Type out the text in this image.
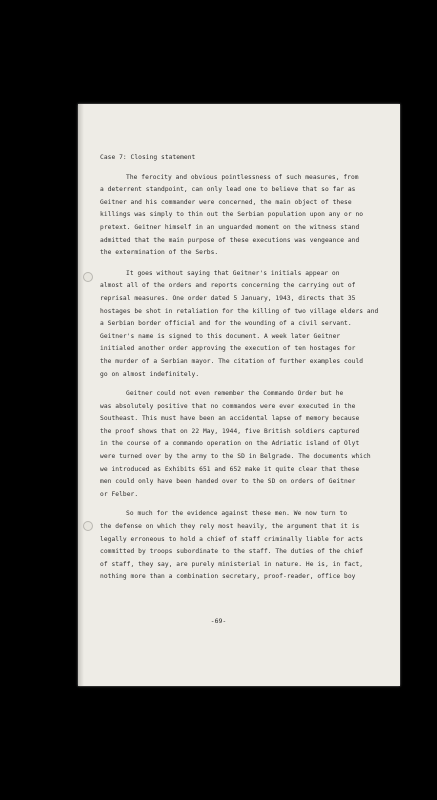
Case 7: Closing statement
The ferocity and obvious pointlessness of such measures, from
a deterrent standpoint, can only lead one to believe that so far as
Geitner and his commander were concerned, the main object of these
killings was simply to thin out the Serbian population upon any or no
pretext. Geitner himself in an unguarded moment on the witness stand
admitted that the main purpose of these executions was vengeance and
the extermination of the Serbs.
It goes without saying that Geitner's initials appear on
almost all of the orders and reports concerning the carrying out of
reprisal measures. One order dated 5 January, 1943, directs that 35
hostages be shot in retaliation for the killing of two village elders and
a Serbian border official and for the wounding of a civil servant.
Geitner's name is signed to this document. A week later Geitner
initialed another order approving the execution of ten hostages for
the murder of a Serbian mayor. The citation of further examples could
go on almost indefinitely.
Geitner could not even remember the Commando Order but he
was absolutely positive that no commandos were ever executed in the
Southeast. This must have been an accidental lapse of memory because
the proof shows that on 22 May, 1944, five British soldiers captured
in the course of a commando operation on the Adriatic island of Olyt
were turned over by the army to the SD in Belgrade. The documents which
we introduced as Exhibits 651 and 652 make it quite clear that these
men could only have been handed over to the SD on orders of Geitner
or Felber.
So much for the evidence against these men. We now turn to
the defense on which they rely most heavily, the argument that it is
legally erroneous to hold a chief of staff criminally liable for acts
committed by troops subordinate to the staff. The duties of the chief
of staff, they say, are purely ministerial in nature. He is, in fact,
nothing more than a combination secretary, proof-reader, office boy
-69-
